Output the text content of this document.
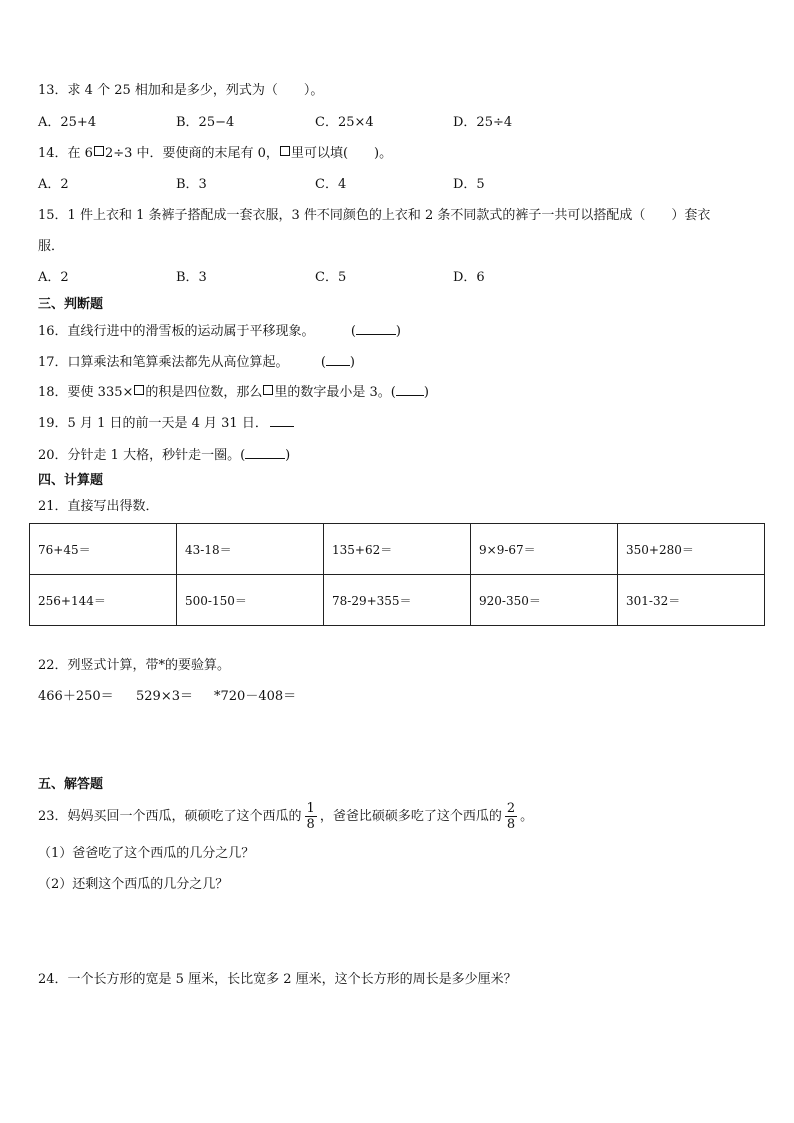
13．求 4 个 25 相加和是多少，列式为（　　）。
A．25+4	B．25−4	C．25×4	D．25÷4
14．在 6 2÷3 中．要使商的末尾有 0， 里可以填(　　)。
A．2	B．3	C．4	D．5
15．1 件上衣和 1 条裤子搭配成一套衣服，3 件不同颜色的上衣和 2 条不同款式的裤子一共可以搭配成（　　）套衣
服．
A．2	B．3	C．5	D．6
三、判断题
16．直线行进中的滑雪板的运动属于平移现象。	(	)
17．口算乘法和笔算乘法都先从高位算起。 ( )
18．要使 335× 的积是四位数，那么 里的数字最小是 3。( )
19．5 月 1 日的前一天是 4 月 31 日．
20．分针走 1 大格，秒针走一圈。(	)
四、计算题
21．直接写出得数．
76+45＝	43-18＝	135+62＝	9×9-67＝	350+280＝
256+144＝	500-150＝	78-29+355＝	920-350＝	301-32＝
22．列竖式计算，带*的要验算。
466＋250＝ 529×3＝ *720－408＝
五、解答题
23．妈妈买回一个西瓜，硕硕吃了这个西瓜的 $\frac{1}{8}$ ，爸爸比硕硕多吃了这个西瓜的 $\frac{2}{8}$ 。
（1）爸爸吃了这个西瓜的几分之几？
（2）还剩这个西瓜的几分之几？
24．一个长方形的宽是 5 厘米，长比宽多 2 厘米，这个长方形的周长是多少厘米？
